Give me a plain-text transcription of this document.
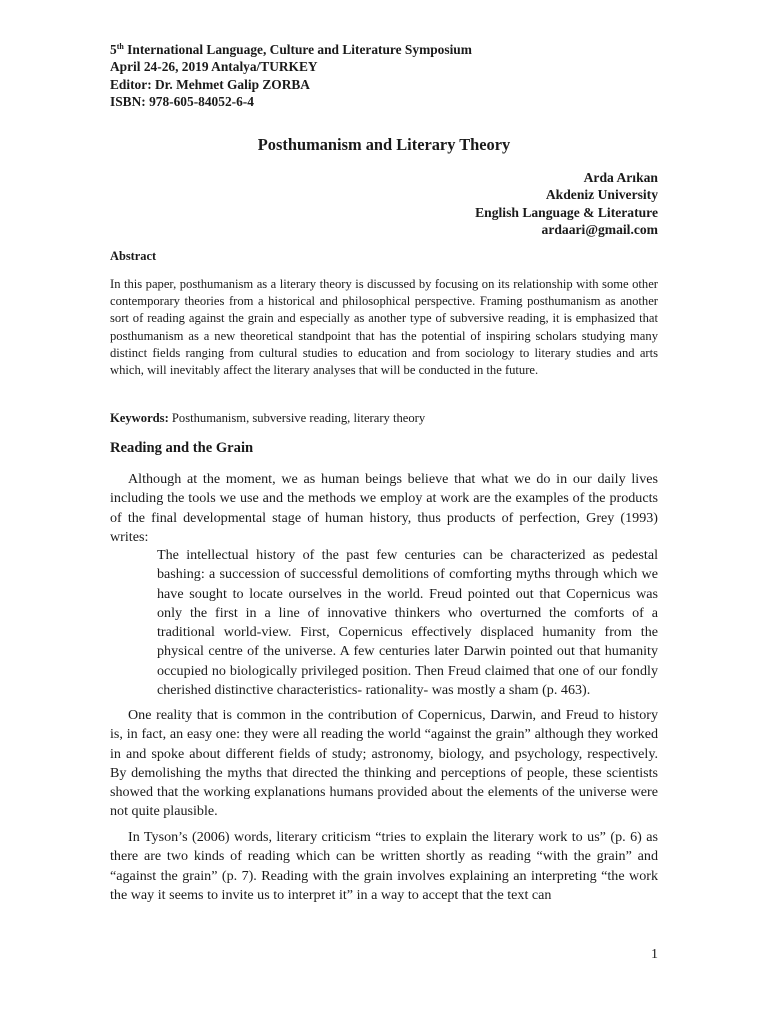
5th International Language, Culture and Literature Symposium
April 24-26, 2019 Antalya/TURKEY
Editor: Dr. Mehmet Galip ZORBA
ISBN: 978-605-84052-6-4
Posthumanism and Literary Theory
Arda Arıkan
Akdeniz University
English Language & Literature
ardaari@gmail.com
Abstract
In this paper, posthumanism as a literary theory is discussed by focusing on its relationship with some other contemporary theories from a historical and philosophical perspective. Framing posthumanism as another sort of reading against the grain and especially as another type of subversive reading, it is emphasized that posthumanism as a new theoretical standpoint that has the potential of inspiring scholars studying many distinct fields ranging from cultural studies to education and from sociology to literary studies and arts which, will inevitably affect the literary analyses that will be conducted in the future.
Keywords: Posthumanism, subversive reading, literary theory
Reading and the Grain
Although at the moment, we as human beings believe that what we do in our daily lives including the tools we use and the methods we employ at work are the examples of the products of the final developmental stage of human history, thus products of perfection, Grey (1993) writes:
The intellectual history of the past few centuries can be characterized as pedestal bashing: a succession of successful demolitions of comforting myths through which we have sought to locate ourselves in the world. Freud pointed out that Copernicus was only the first in a line of innovative thinkers who overturned the comforts of a traditional world-view. First, Copernicus effectively displaced humanity from the physical centre of the universe. A few centuries later Darwin pointed out that humanity occupied no biologically privileged position. Then Freud claimed that one of our fondly cherished distinctive characteristics- rationality- was mostly a sham (p. 463).
One reality that is common in the contribution of Copernicus, Darwin, and Freud to history is, in fact, an easy one: they were all reading the world “against the grain” although they worked in and spoke about different fields of study; astronomy, biology, and psychology, respectively. By demolishing the myths that directed the thinking and perceptions of people, these scientists showed that the working explanations humans provided about the elements of the universe were not quite plausible.
In Tyson’s (2006) words, literary criticism “tries to explain the literary work to us” (p. 6) as there are two kinds of reading which can be written shortly as reading “with the grain” and “against the grain” (p. 7). Reading with the grain involves explaining an interpreting “the work the way it seems to invite us to interpret it” in a way to accept that the text can
1
